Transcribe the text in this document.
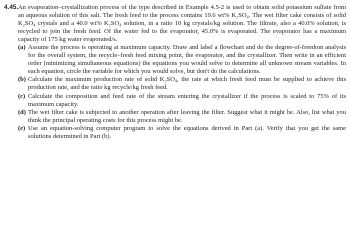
4.45. An evaporation–crystallization process of the type described in Example 4.5-2 is used to obtain solid potassium sulfate from an aqueous solution of this salt. The fresh feed to the process contains 19.6 wt% K₂SO₄. The wet filter cake consists of solid K₂SO₄ crystals and a 40.0 wt% K₂SO₄ solution, in a ratio 10 kg crystals/kg solution. The filtrate, also a 40.0% solution, is recycled to join the fresh feed. Of the water fed to the evaporator, 45.0% is evaporated. The evaporator has a maximum capacity of 175 kg water evaporated/s.
(a) Assume the process is operating at maximum capacity. Draw and label a flowchart and do the degree-of-freedom analysis for the overall system, the recycle–fresh feed mixing point, the evaporator, and the crystallizer. Then write in an efficient order (minimizing simultaneous equations) the equations you would solve to determine all unknown stream variables. In each equation, circle the variable for which you would solve, but don't do the calculations.
(b) Calculate the maximum production rate of solid K₂SO₄, the rate at which fresh feed must be supplied to achieve this production rate, and the ratio kg recycle/kg fresh feed.
(c) Calculate the composition and feed rate of the stream entering the crystallizer if the process is scaled to 75% of its maximum capacity.
(d) The wet filter cake is subjected to another operation after leaving the filter. Suggest what it might be. Also, list what you think the principal operating costs for this process might be.
(e) Use an equation-solving computer program to solve the equations derived in Part (a). Verify that you get the same solutions determined in Part (b).
